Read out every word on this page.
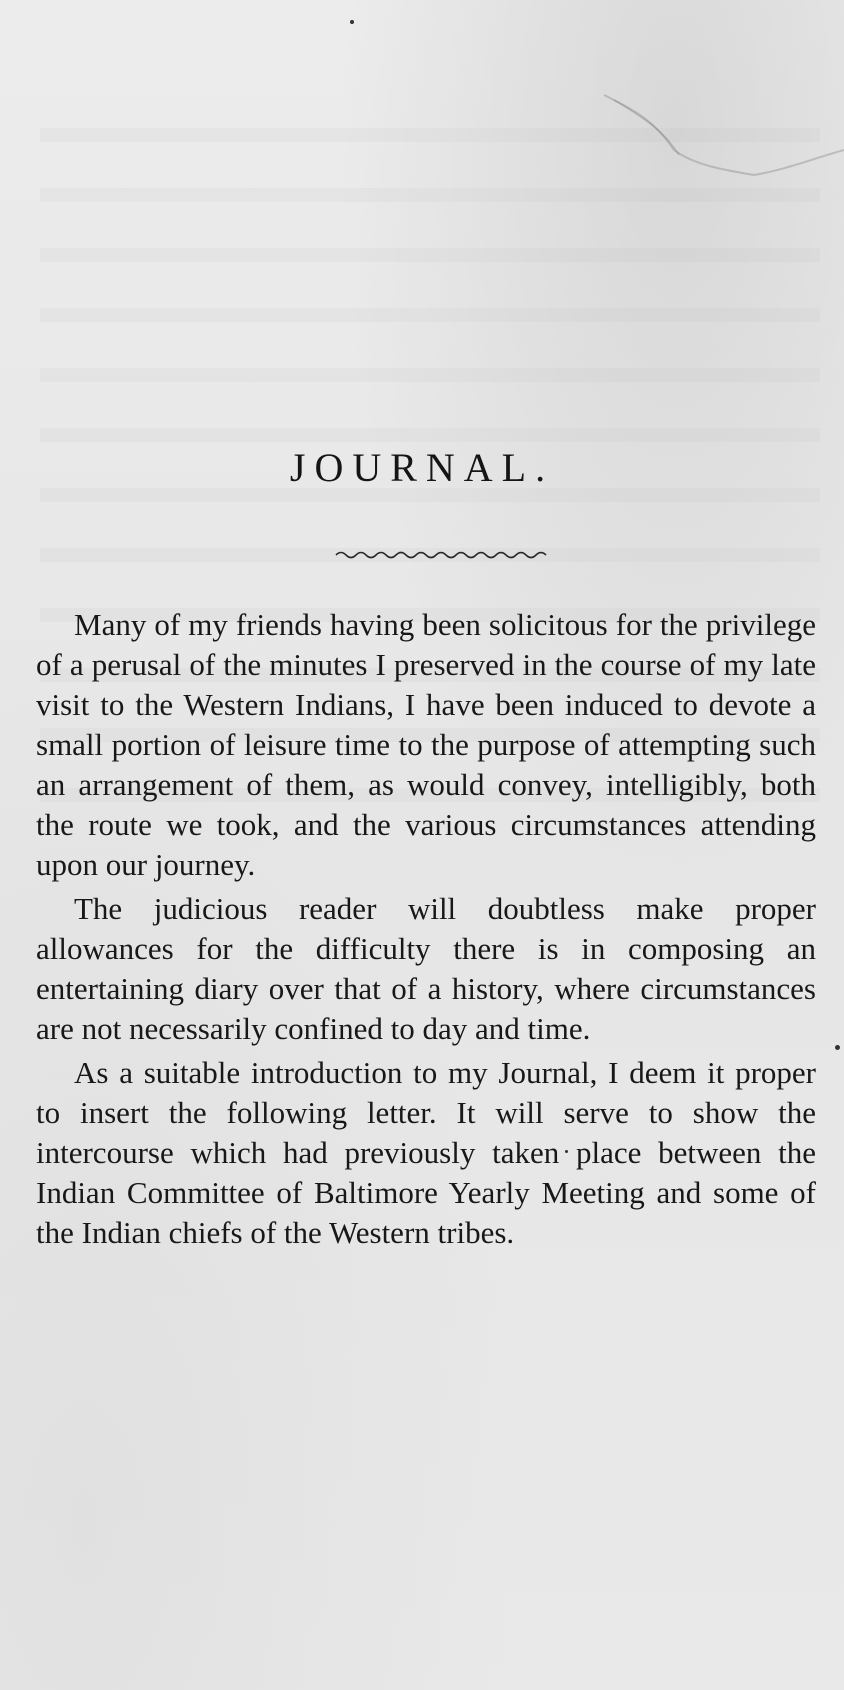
JOURNAL.

Many of my friends having been solicitous for the privilege of a perusal of the minutes I preserved in the course of my late visit to the Western Indians, I have been induced to devote a small portion of leisure time to the purpose of attempting such an arrangement of them, as would convey, intelligibly, both the route we took, and the various circumstances attending upon our journey.

The judicious reader will doubtless make proper allowances for the difficulty there is in composing an entertaining diary over that of a history, where circumstances are not necessarily confined to day and time.

As a suitable introduction to my Journal, I deem it proper to insert the following letter. It will serve to show the intercourse which had previously taken place between the Indian Committee of Baltimore Yearly Meeting and some of the Indian chiefs of the Western tribes.
